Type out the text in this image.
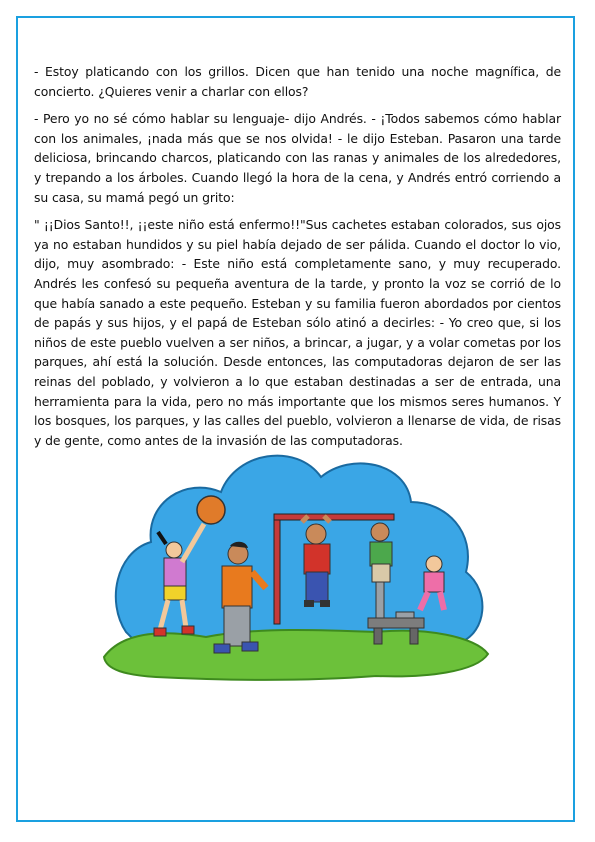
- Estoy platicando con los grillos. Dicen que han tenido una noche magnífica, de concierto. ¿Quieres venir a charlar con ellos?

- Pero yo no sé cómo hablar su lenguaje- dijo Andrés. - ¡Todos sabemos cómo hablar con los animales, ¡nada más que se nos olvida! - le dijo Esteban. Pasaron una tarde deliciosa, brincando charcos, platicando con las ranas y animales de los alrededores, y trepando a los árboles. Cuando llegó la hora de la cena, y Andrés entró corriendo a su casa, su mamá pegó un grito:

" ¡¡Dios Santo!!, ¡¡este niño está enfermo!!"Sus cachetes estaban colorados, sus ojos ya no estaban hundidos y su piel había dejado de ser pálida. Cuando el doctor lo vio, dijo, muy asombrado: - Este niño está completamente sano, y muy recuperado. Andrés les confesó su pequeña aventura de la tarde, y pronto la voz se corrió de lo que había sanado a este pequeño. Esteban y su familia fueron abordados por cientos de papás y sus hijos, y el papá de Esteban sólo atinó a decirles: - Yo creo que, si los niños de este pueblo vuelven a ser niños, a brincar, a jugar, y a volar cometas por los parques, ahí está la solución. Desde entonces, las computadoras dejaron de ser las reinas del poblado, y volvieron a lo que estaban destinadas a ser de entrada, una herramienta para la vida, pero no más importante que los mismos seres humanos. Y los bosques, los parques, y las calles del pueblo, volvieron a llenarse de vida, de risas y de gente, como antes de la invasión de las computadoras.
